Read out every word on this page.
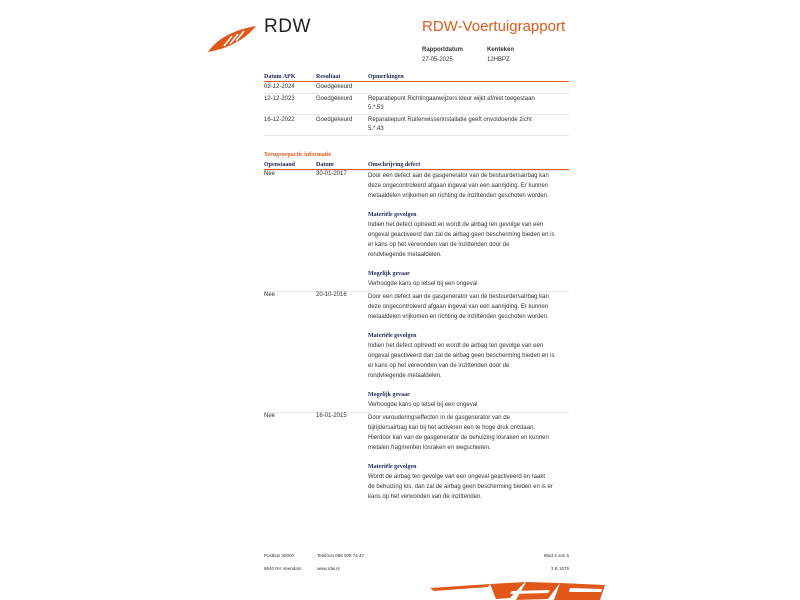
RDW	RDW-Voertuigrapport
Rapportdatum
27-05-2025
Kenteken
12HBPZ
Datum APK	Resultaat	Opmerkingen
02-12-2024	Goedgekeurd
12-12-2023	Goedgekeurd	Reparatiepunt Richtingaanwijzers kleur wijkt af/niet toegestaan
5.*.53
16-12-2022	Goedgekeurd	Reparatiepunt Ruitenwisserinstallatie geeft onvoldoende zicht
5.*.43
Terugroepactie informatie
Openstaand	Datum	Omschrijving defect
Nee	30-01-2017	Door een defect aan de gasgenerator van de bestuurdersairbag kan

deze ongecontroleerd afgaan ingeval van een aanrijding. Er kunnen

metaaldelen vrijkomen en richting de inzittenden geschoten worden.

Materiële gevolgen

Indien het defect optreedt en wordt de airbag ten gevolge van een

ongeval geactiveerd dan zal de airbag geen bescherming bieden en is

er kans op het verwonden van de inzittenden door de

rondvliegende metaaldelen.

Mogelijk gevaar

Verhoogde kans op letsel bij een ongeval

Nee	20-10-2016	Door een defect aan de gasgenerator van de bestuurdersairbag kan

deze ongecontroleerd afgaan ingeval van een aanrijding. Er kunnen

metaaldelen vrijkomen en richting de inzittenden geschoten worden.

Materiële gevolgen

Indien het defect optreedt en wordt de airbag ten gevolge van een

ongeval geactiveerd dan zal de airbag geen bescherming bieden en is

er kans op het verwonden van de inzittenden door de

rondvliegende metaaldelen.

Mogelijk gevaar

Verhoogde kans op letsel bij een ongeval

Nee	16-01-2015	Door verouderingseffecten in de gasgenerator van de

bijrijdersairbag kan bij het activeren een te hoge druk ontstaan.

Hierdoor kan van de gasgenerator de behuizing losraken en kunnen

metalen fragmenten losraken en wegschieten.

Materiële gevolgen

Wordt de airbag ten gevolge van een ongeval geactiveerd en raakt

de behuizing los, dan zal de airbag geen bescherming bieden en is er

kans op het verwonden van de inzittenden.

Postbus 30000
9640 RA Veendam
Telefoon 088 008 74 47
www.rdw.nl
Blad 4 van 5
3 E 1679
